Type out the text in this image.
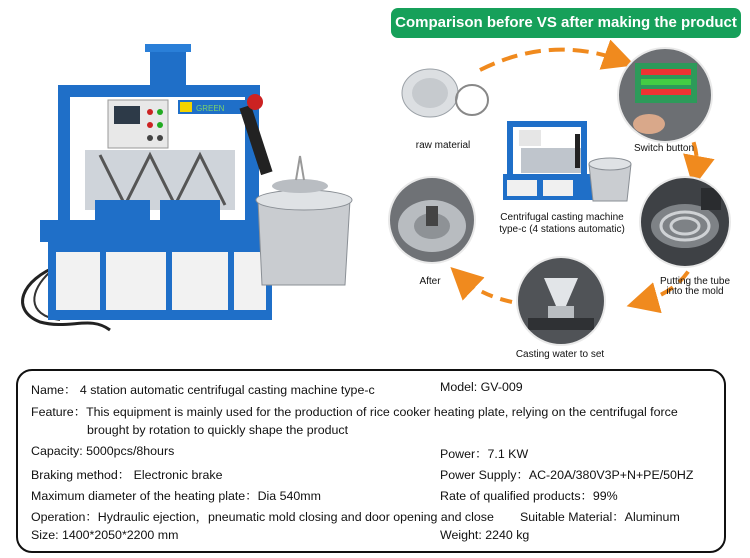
GREEN
Comparison before VS after making the product
raw material	Switch button
Centrifugal casting machine
type-c (4 stations automatic)
After	Putting the tube
into the mold
Casting water to set
Name： 4 station automatic centrifugal casting machine type-c	Model: GV-009
Feature：This equipment is mainly used for the production of rice cooker heating plate, relying on the centrifugal force
brought by rotation to quickly shape the product
Capacity: 5000pcs/8hours	Power：7.1 KW
Braking method： Electronic brake	Power Supply：AC-20A/380V3P+N+PE/50HZ
Maximum diameter of the heating plate：Dia 540mm	Rate of qualified products：99%
Operation：Hydraulic ejection，pneumatic mold closing and door opening and close Suitable Material：Aluminum
Size: 1400*2050*2200 mm	Weight: 2240 kg
